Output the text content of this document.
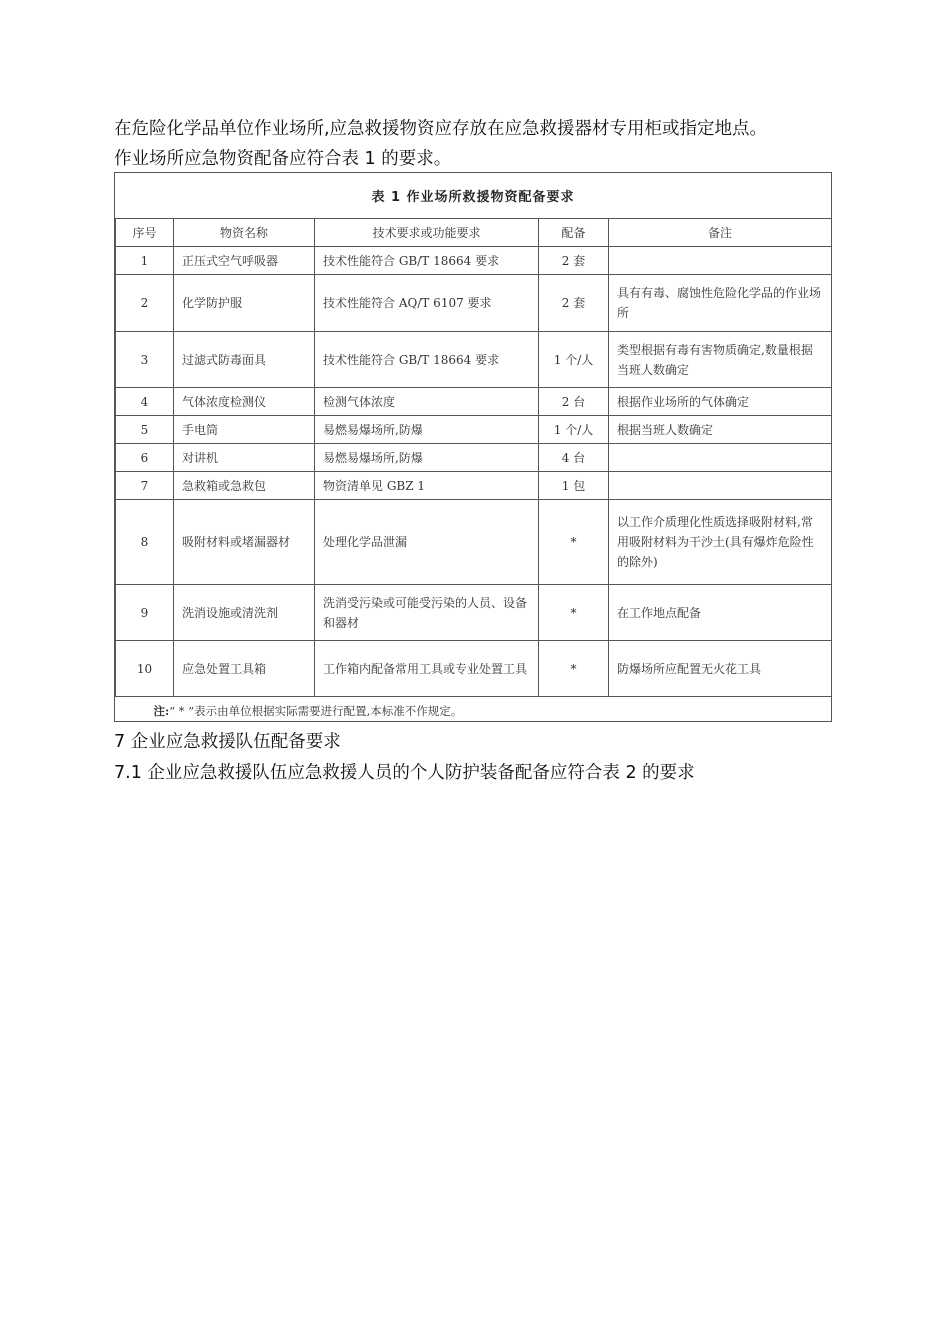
在危险化学品单位作业场所,应急救援物资应存放在应急救援器材专用柜或指定地点。
作业场所应急物资配备应符合表 1 的要求。
表 1 作业场所救援物资配备要求
序号	物资名称	技术要求或功能要求	配备	备注
1	正压式空气呼吸器	技术性能符合 GB/T 18664 要求	2 套	
2	化学防护服	技术性能符合 AQ/T 6107 要求	2 套	具有有毒、腐蚀性危险化学品的作业场所
3	过滤式防毒面具	技术性能符合 GB/T 18664 要求	1 个/人	类型根据有毒有害物质确定,数量根据当班人数确定
4	气体浓度检测仪	检测气体浓度	2 台	根据作业场所的气体确定
5	手电筒	易燃易爆场所,防爆	1 个/人	根据当班人数确定
6	对讲机	易燃易爆场所,防爆	4 台	
7	急救箱或急救包	物资清单见 GBZ 1	1 包	
8	吸附材料或堵漏器材	处理化学品泄漏	*	以工作介质理化性质选择吸附材料,常用吸附材料为干沙土(具有爆炸危险性的除外)
9	洗消设施或清洗剂	洗消受污染或可能受污染的人员、设备和器材	*	在工作地点配备
10	应急处置工具箱	工作箱内配备常用工具或专业处置工具	*	防爆场所应配置无火花工具
注:“ * ”表示由单位根据实际需要进行配置,本标准不作规定。				
7 企业应急救援队伍配备要求
7.1 企业应急救援队伍应急救援人员的个人防护装备配备应符合表 2 的要求
